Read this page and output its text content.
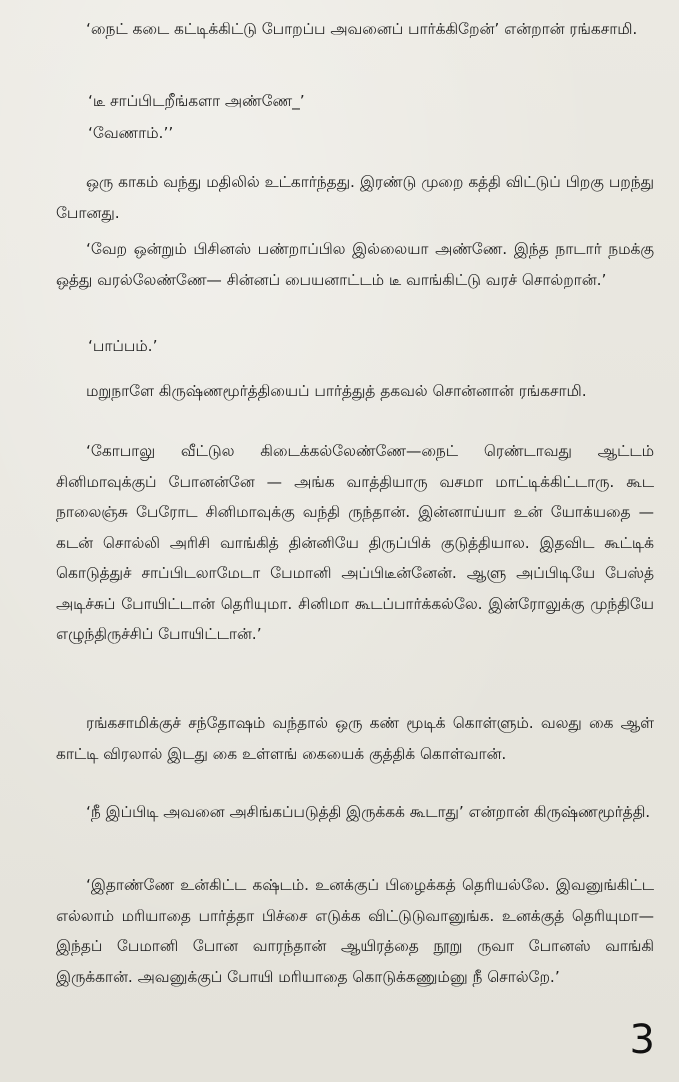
‘நைட் கடை கட்டிக்கிட்டு போறப்ப அவனைப் பார்க்கிறேன்’ என்றான் ரங்கசாமி.

‘டீ சாப்பிடறீங்களா அண்ணே_’

‘வேணாம்.’’

ஒரு காகம் வந்து மதிலில் உட்கார்ந்தது. இரண்டு முறை கத்தி விட்டுப் பிறகு பறந்து போனது.

‘வேற ஒன்றும் பிசினஸ் பண்றாப்பில இல்லையா அண்ணே. இந்த நாடார் நமக்கு ஒத்து வரல்லேண்ணே— சின்னப் பையனாட்டம் டீ வாங்கிட்டு வரச் சொல்றான்.’

‘பாப்பம்.’

மறுநாளே கிருஷ்ணமூர்த்தியைப் பார்த்துத் தகவல் சொன்னான் ரங்கசாமி.

‘கோபாலு வீட்டுல கிடைக்கல்லேண்ணே—நைட் ரெண்டாவது ஆட்டம் சினிமாவுக்குப் போனன்னே — அங்க வாத்தியாரு வசமா மாட்டிக்கிட்டாரு. கூட நாலைஞ்சு பேரோட சினிமாவுக்கு வந்தி ருந்தான். இன்னாய்யா உன் யோக்யதை — கடன் சொல்லி அரிசி வாங்கித் தின்னியே திருப்பிக் குடுத்தியால. இதவிட கூட்டிக் கொடுத்துச் சாப்பிடலாமேடா பேமானி அப்பிடீன்னேன். ஆளு அப்பிடியே பேஸ்த் அடிச்சுப் போயிட்டான் தெரியுமா. சினிமா கூடப்பார்க்கல்லே. இன்ரோலுக்கு முந்தியே எழுந்திருச்சிப் போயிட்டான்.’

ரங்கசாமிக்குச் சந்தோஷம் வந்தால் ஒரு கண் மூடிக் கொள்ளும். வலது கை ஆள் காட்டி விரலால் இடது கை உள்ளங் கையைக் குத்திக் கொள்வான்.

‘நீ இப்பிடி அவனை அசிங்கப்படுத்தி இருக்கக் கூடாது’ என்றான் கிருஷ்ணமூர்த்தி.

‘இதாண்ணே உன்கிட்ட கஷ்டம். உனக்குப் பிழைக்கத் தெரியல்லே. இவனுங்கிட்ட எல்லாம் மரியாதை பார்த்தா பிச்சை எடுக்க விட்டுடுவானுங்க. உனக்குத் தெரியுமா— இந்தப் பேமானி போன வாரந்தான் ஆயிரத்தை நூறு ருவா போனஸ் வாங்கி இருக்கான். அவனுக்குப் போயி மரியாதை கொடுக்கணும்னு நீ சொல்றே.’

3
